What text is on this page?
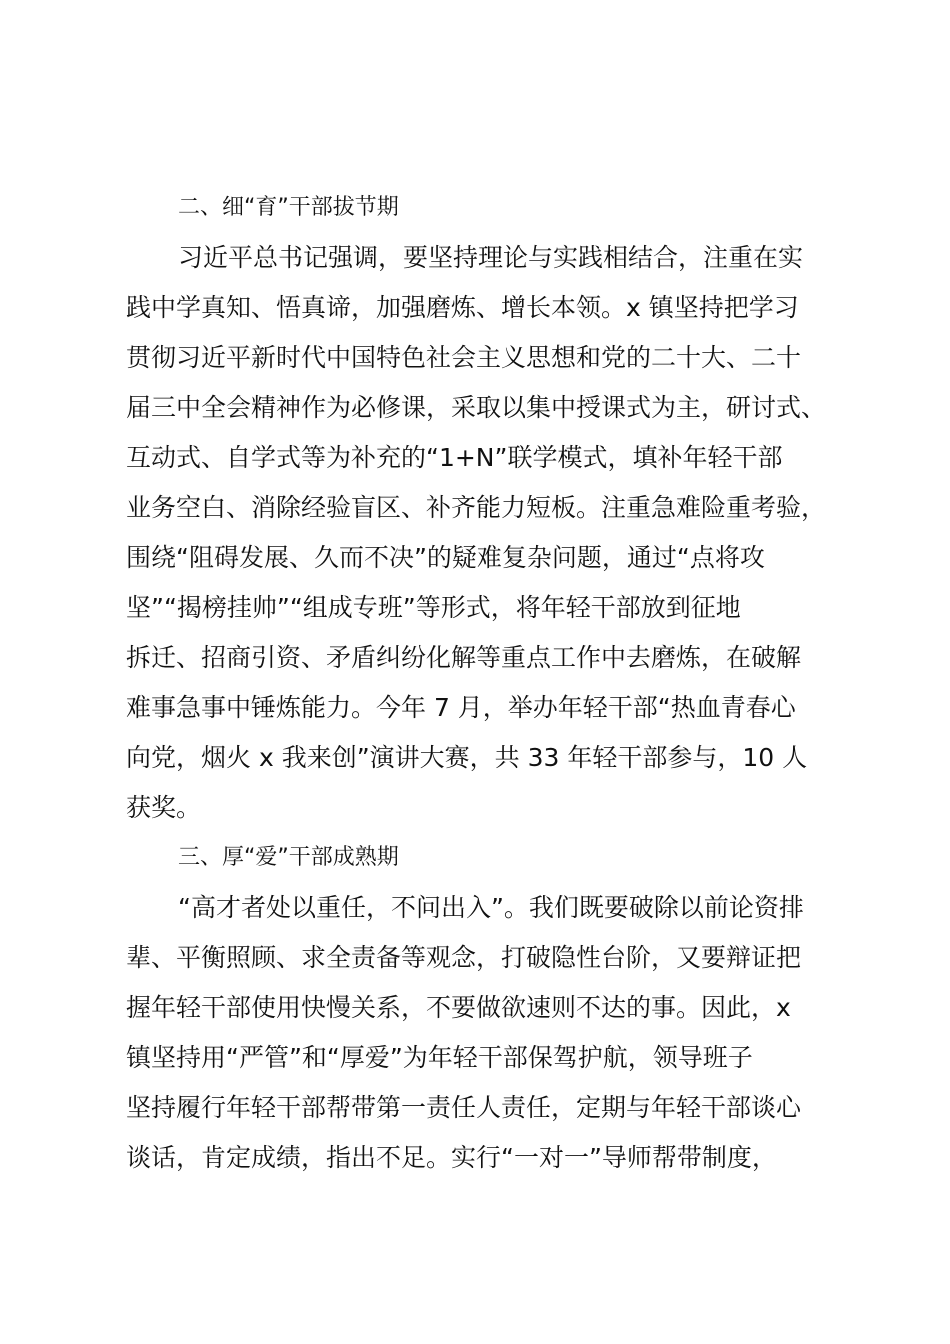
二、细“育”干部拔节期
习近平总书记强调，要坚持理论与实践相结合，注重在实
践中学真知、悟真谛，加强磨炼、增长本领。x 镇坚持把学习
贯彻习近平新时代中国特色社会主义思想和党的二十大、二十
届三中全会精神作为必修课，采取以集中授课式为主，研讨式、
互动式、自学式等为补充的“1+N”联学模式，填补年轻干部
业务空白、消除经验盲区、补齐能力短板。注重急难险重考验，
围绕“阻碍发展、久而不决”的疑难复杂问题，通过“点将攻
坚”“揭榜挂帅”“组成专班”等形式，将年轻干部放到征地
拆迁、招商引资、矛盾纠纷化解等重点工作中去磨炼，在破解
难事急事中锤炼能力。今年 7 月，举办年轻干部“热血青春心
向党，烟火 x 我来创”演讲大赛，共 33 年轻干部参与，10 人
获奖。
三、厚“爱”干部成熟期
“高才者处以重任，不问出入”。我们既要破除以前论资排
辈、平衡照顾、求全责备等观念，打破隐性台阶，又要辩证把
握年轻干部使用快慢关系，不要做欲速则不达的事。因此，x
镇坚持用“严管”和“厚爱”为年轻干部保驾护航，领导班子
坚持履行年轻干部帮带第一责任人责任，定期与年轻干部谈心
谈话，肯定成绩，指出不足。实行“一对一”导师帮带制度，
